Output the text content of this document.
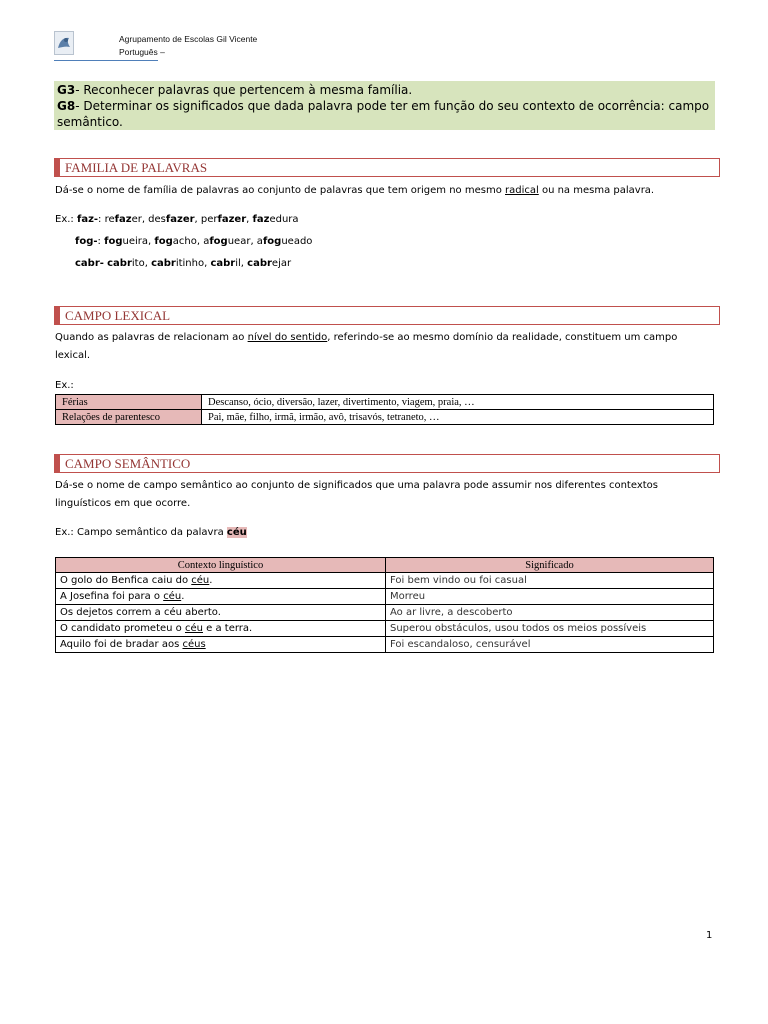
Agrupamento de Escolas Gil Vicente
Português –
G3- Reconhecer palavras que pertencem à mesma família.
G8- Determinar os significados que dada palavra pode ter em função do seu contexto de ocorrência: campo semântico.
FAMILIA DE PALAVRAS
Dá-se o nome de família de palavras ao conjunto de palavras que tem origem no mesmo radical ou na mesma palavra.
Ex.: faz-: refazer, desfazer, perfazer, fazedura
fog-: fogueira, fogacho, afoguear, afogueado
cabr- cabrito, cabritinho, cabril, cabrejar
CAMPO LEXICAL
Quando as palavras de relacionam ao nível do sentido, referindo-se ao mesmo domínio da realidade, constituem um campo lexical.
Ex.:
Férias	Descanso, ócio, diversão, lazer, divertimento, viagem, praia, …
Relações de parentesco	Pai, mãe, filho, irmã, irmão, avô, trisavós, tetraneto, …
CAMPO SEMÂNTICO
Dá-se o nome de campo semântico ao conjunto de significados que uma palavra pode assumir nos diferentes contextos linguísticos em que ocorre.
Ex.: Campo semântico da palavra céu
Contexto linguístico	Significado
O golo do Benfica caiu do céu.	Foi bem vindo ou foi casual
A Josefina foi para o céu.	Morreu
Os dejetos correm a céu aberto.	Ao ar livre, a descoberto
O candidato prometeu o céu e a terra.	Superou obstáculos, usou todos os meios possíveis
Aquilo foi de bradar aos céus	Foi escandaloso, censurável
1
